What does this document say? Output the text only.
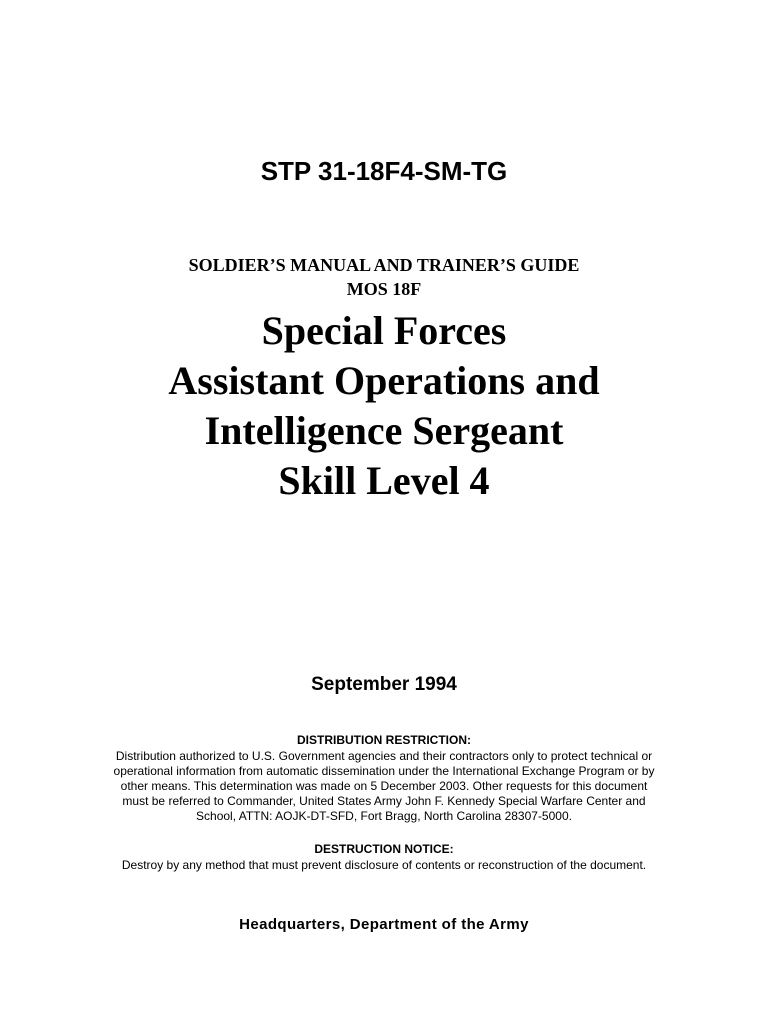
STP 31-18F4-SM-TG
SOLDIER’S MANUAL AND TRAINER’S GUIDE
MOS 18F
Special Forces
Assistant Operations and
Intelligence Sergeant
Skill Level 4
September 1994
DISTRIBUTION RESTRICTION:
Distribution authorized to U.S. Government agencies and their contractors only to protect technical or
operational information from automatic dissemination under the International Exchange Program or by
other means. This determination was made on 5 December 2003. Other requests for this document
must be referred to Commander, United States Army John F. Kennedy Special Warfare Center and
School, ATTN: AOJK-DT-SFD, Fort Bragg, North Carolina 28307-5000.
DESTRUCTION NOTICE:
Destroy by any method that must prevent disclosure of contents or reconstruction of the document.
Headquarters, Department of the Army
